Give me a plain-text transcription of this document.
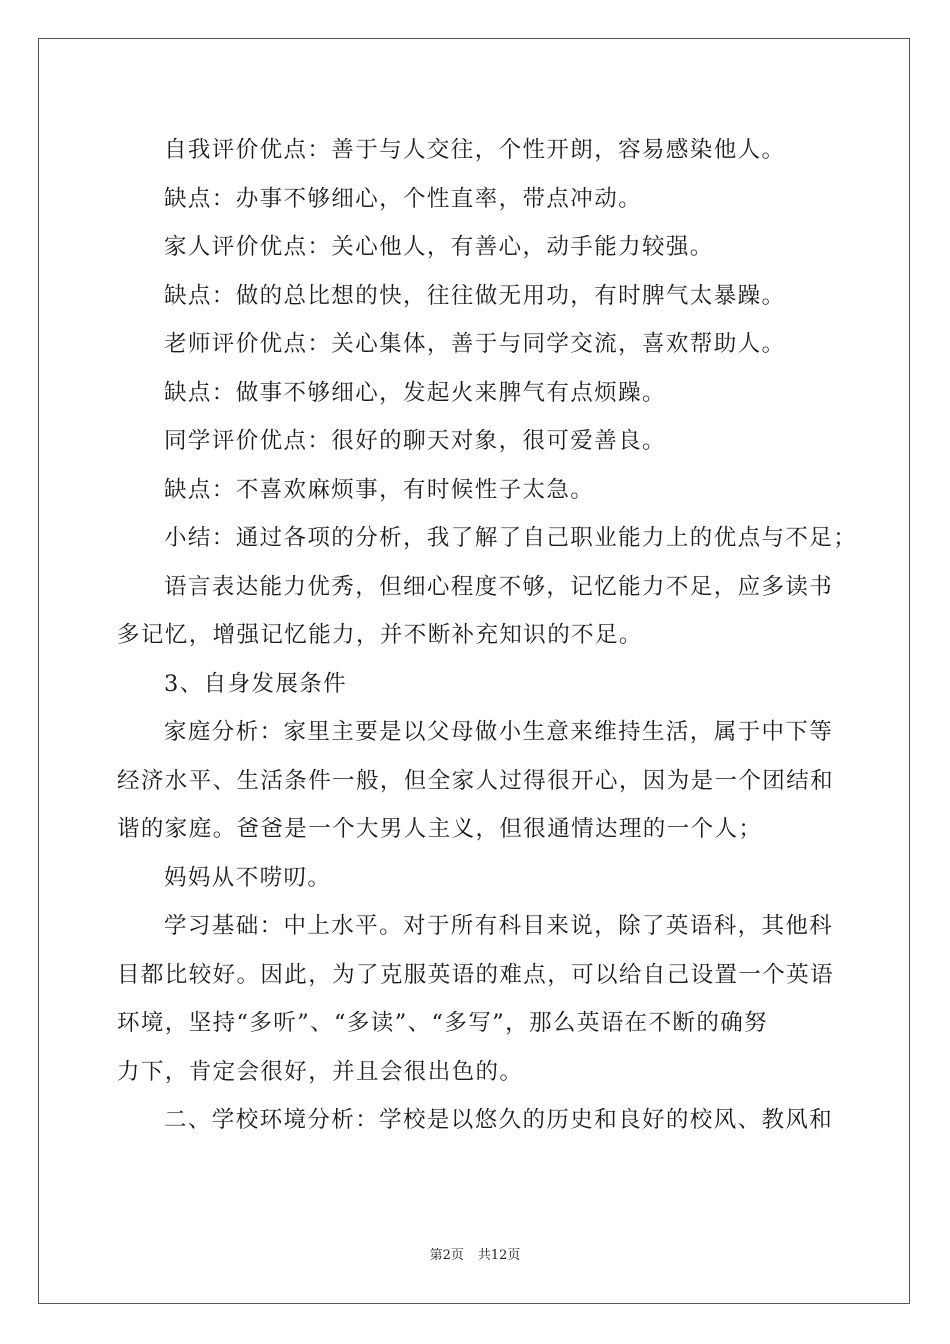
自我评价优点：善于与人交往，个性开朗，容易感染他人。

缺点：办事不够细心，个性直率，带点冲动。

家人评价优点：关心他人，有善心，动手能力较强。

缺点：做的总比想的快，往往做无用功，有时脾气太暴躁。

老师评价优点：关心集体，善于与同学交流，喜欢帮助人。

缺点：做事不够细心，发起火来脾气有点烦躁。

同学评价优点：很好的聊天对象，很可爱善良。

缺点：不喜欢麻烦事，有时候性子太急。

小结：通过各项的分析，我了解了自己职业能力上的优点与不足；

语言表达能力优秀，但细心程度不够，记忆能力不足，应多读书
多记忆，增强记忆能力，并不断补充知识的不足。

3、自身发展条件

家庭分析：家里主要是以父母做小生意来维持生活，属于中下等
经济水平、生活条件一般，但全家人过得很开心，因为是一个团结和
谐的家庭。爸爸是一个大男人主义，但很通情达理的一个人；

妈妈从不唠叨。

学习基础：中上水平。对于所有科目来说，除了英语科，其他科
目都比较好。因此，为了克服英语的难点，可以给自己设置一个英语
环境，坚持“多听”、“多读”、“多写”，那么英语在不断的确努
力下，肯定会很好，并且会很出色的。

二、学校环境分析：学校是以悠久的历史和良好的校风、教风和

第2页 共12页
